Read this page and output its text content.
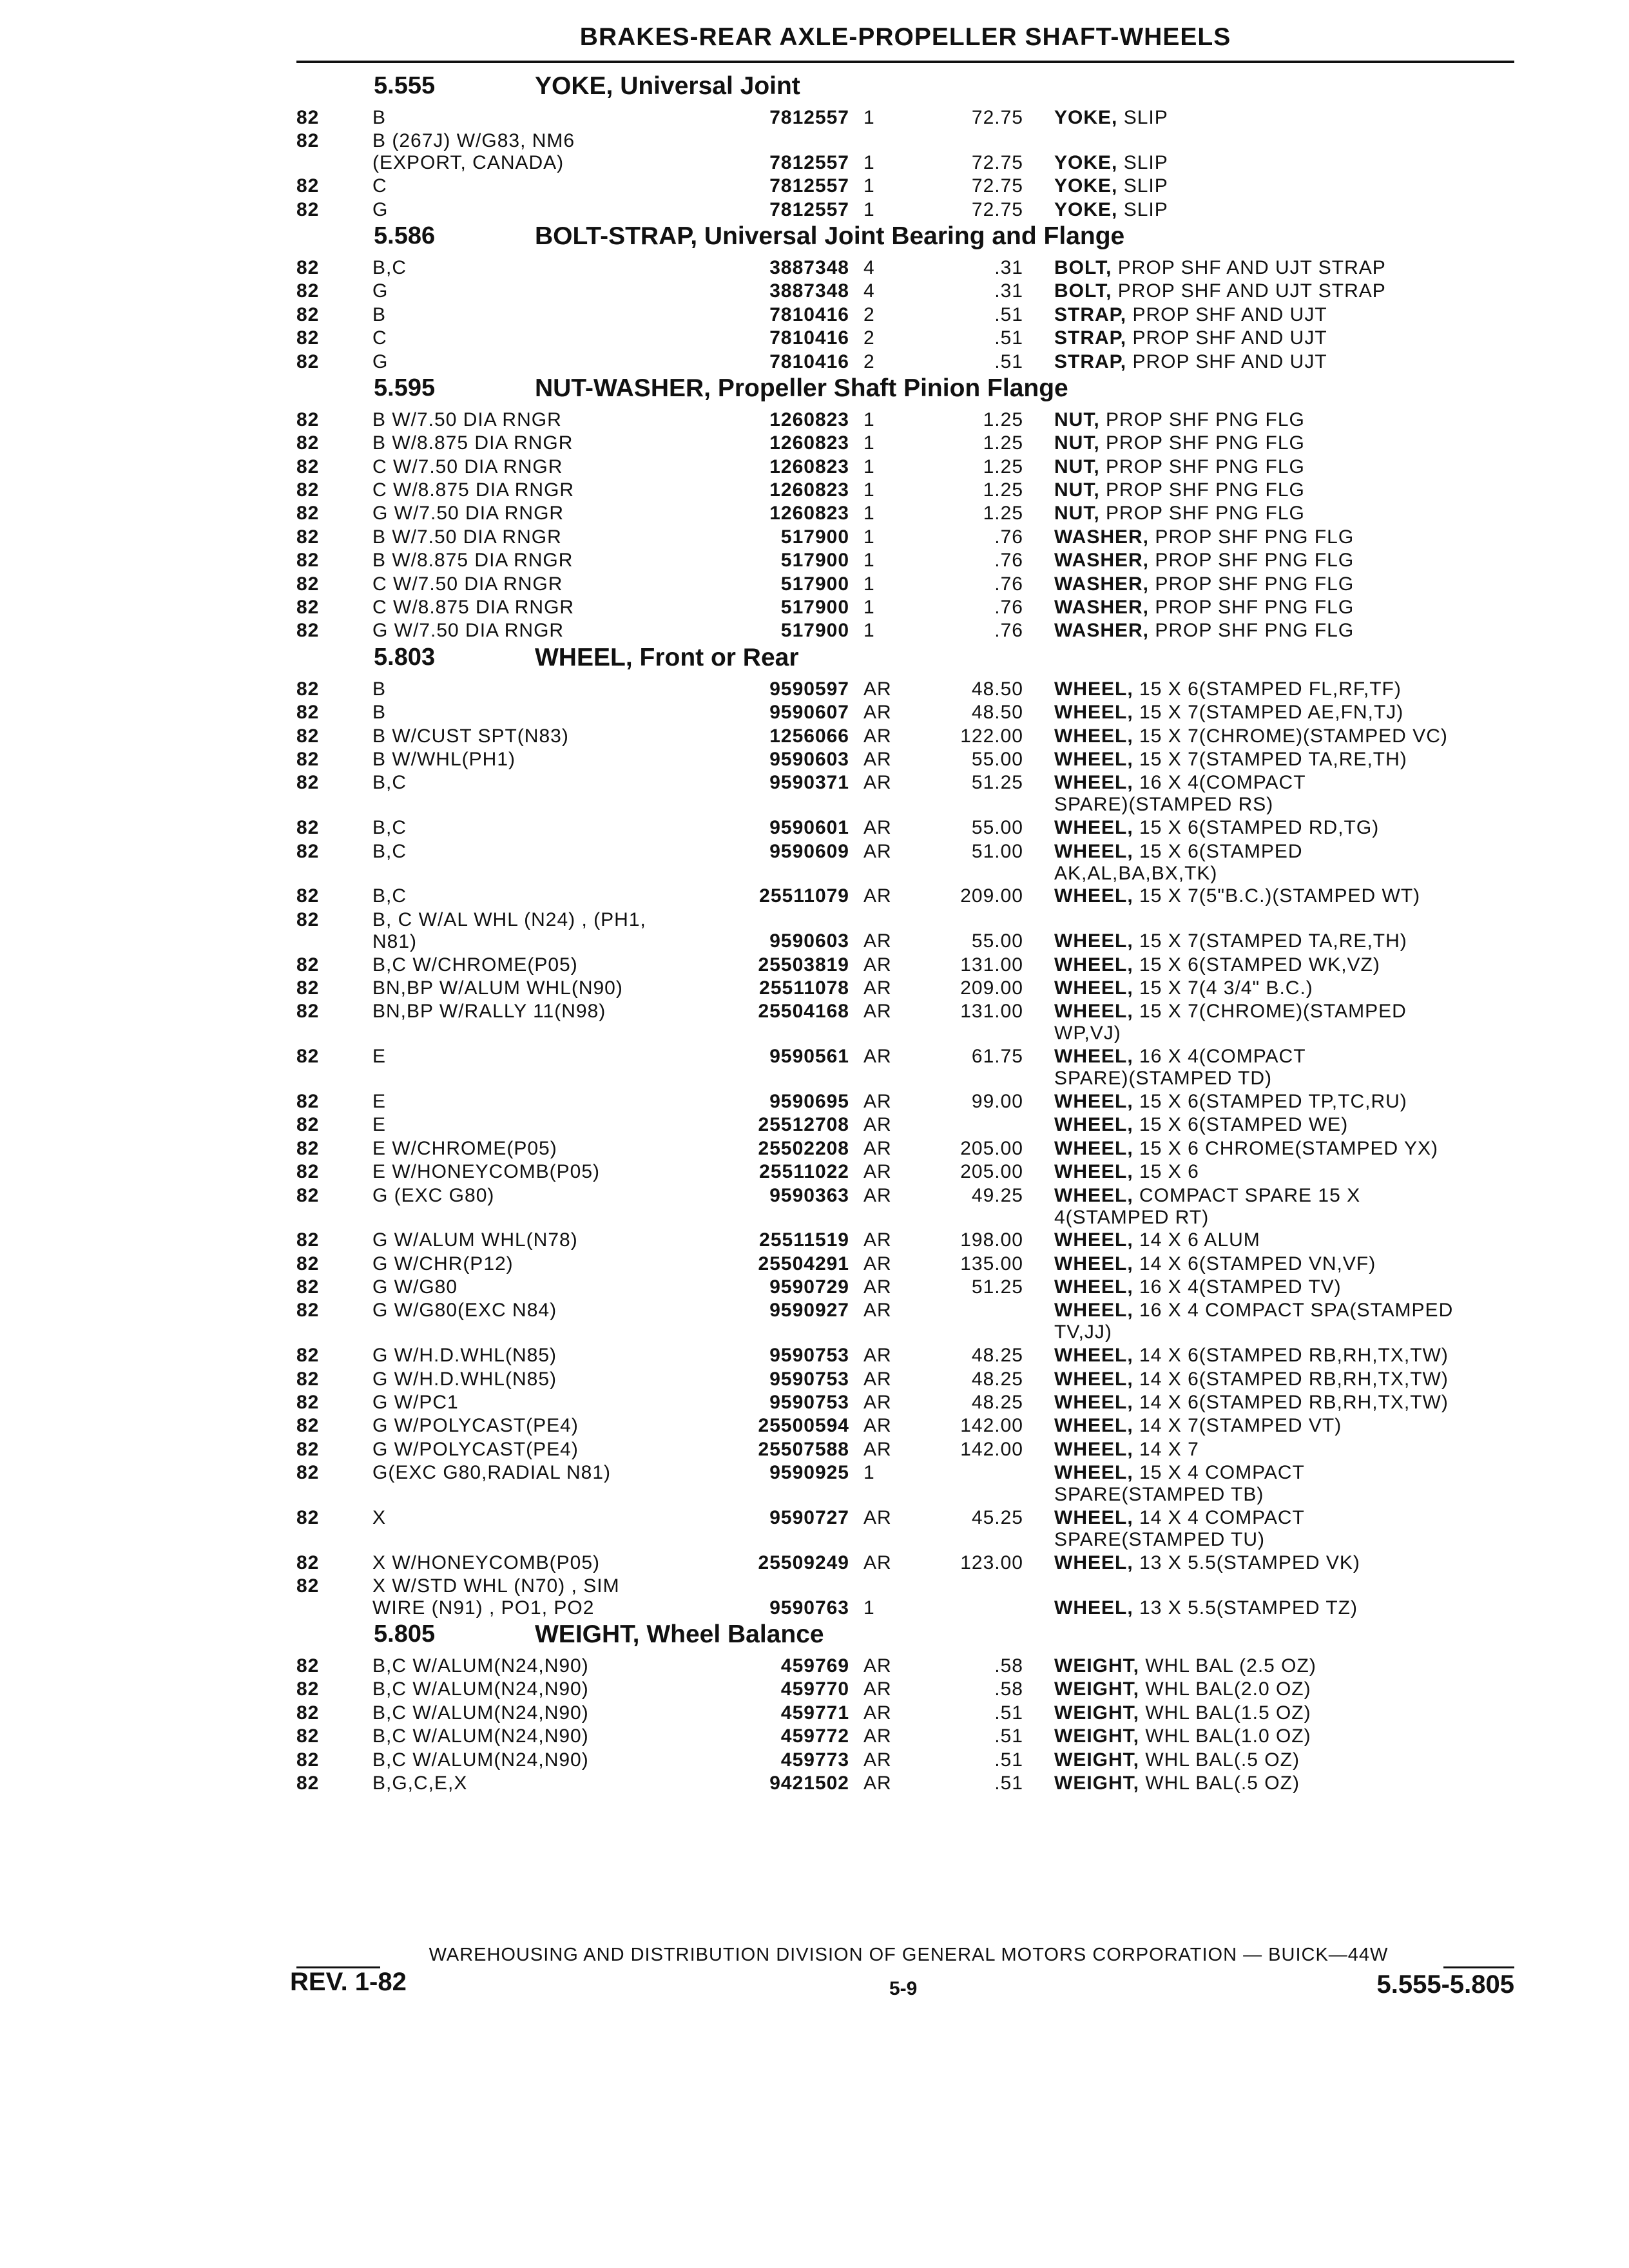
BRAKES-REAR AXLE-PROPELLER SHAFT-WHEELS
5.555	YOKE, Universal Joint
82	B	7812557 1	72.75 YOKE, SLIP
82	B (267J) W/G83, NM6
(EXPORT, CANADA)	7812557 1	72.75 YOKE, SLIP
82	C	7812557 1	72.75 YOKE, SLIP
82	G	7812557 1	72.75 YOKE, SLIP
5.586	BOLT-STRAP, Universal Joint Bearing and Flange
82	B,C	3887348 4	.31 BOLT, PROP SHF AND UJT STRAP
82	G	3887348 4	.31 BOLT, PROP SHF AND UJT STRAP
82	B	7810416 2	.51 STRAP, PROP SHF AND UJT
82	C	7810416 2	.51 STRAP, PROP SHF AND UJT
82	G	7810416 2	.51 STRAP, PROP SHF AND UJT
5.595	NUT-WASHER, Propeller Shaft Pinion Flange
82	B W/7.50 DIA RNGR	1260823 1	1.25 NUT, PROP SHF PNG FLG
82	B W/8.875 DIA RNGR	1260823 1	1.25 NUT, PROP SHF PNG FLG
82	C W/7.50 DIA RNGR	1260823 1	1.25 NUT, PROP SHF PNG FLG
82	C W/8.875 DIA RNGR	1260823 1	1.25 NUT, PROP SHF PNG FLG
82	G W/7.50 DIA RNGR	1260823 1	1.25 NUT, PROP SHF PNG FLG
82	B W/7.50 DIA RNGR	517900 1	.76 WASHER, PROP SHF PNG FLG
82	B W/8.875 DIA RNGR	517900 1	.76 WASHER, PROP SHF PNG FLG
82	C W/7.50 DIA RNGR	517900 1	.76 WASHER, PROP SHF PNG FLG
82	C W/8.875 DIA RNGR	517900 1	.76 WASHER, PROP SHF PNG FLG
82	G W/7.50 DIA RNGR	517900 1	.76 WASHER, PROP SHF PNG FLG
5.803	WHEEL, Front or Rear
82	B	9590597 AR	48.50 WHEEL, 15 X 6(STAMPED FL,RF,TF)
82	B	9590607 AR	48.50 WHEEL, 15 X 7(STAMPED AE,FN,TJ)
82	B W/CUST SPT(N83)	1256066 AR	122.00 WHEEL, 15 X 7(CHROME)(STAMPED VC)
82	B W/WHL(PH1)	9590603 AR	55.00 WHEEL, 15 X 7(STAMPED TA,RE,TH)
82	B,C	9590371 AR	51.25 WHEEL, 16 X 4(COMPACT
SPARE)(STAMPED RS)
82	B,C	9590601 AR	55.00 WHEEL, 15 X 6(STAMPED RD,TG)
82	B,C	9590609 AR	51.00 WHEEL, 15 X 6(STAMPED
AK,AL,BA,BX,TK)
82	B,C	25511079 AR	209.00 WHEEL, 15 X 7(5"B.C.)(STAMPED WT)
82	B, C W/AL WHL (N24) , (PH1,
N81)	9590603 AR	55.00 WHEEL, 15 X 7(STAMPED TA,RE,TH)
82	B,C W/CHROME(P05)	25503819 AR	131.00 WHEEL, 15 X 6(STAMPED WK,VZ)
82	BN,BP W/ALUM WHL(N90)	25511078 AR	209.00 WHEEL, 15 X 7(4 3/4" B.C.)
82	BN,BP W/RALLY 11(N98)	25504168 AR	131.00 WHEEL, 15 X 7(CHROME)(STAMPED
WP,VJ)
82	E	9590561 AR	61.75 WHEEL, 16 X 4(COMPACT
SPARE)(STAMPED TD)
82	E	9590695 AR	99.00 WHEEL, 15 X 6(STAMPED TP,TC,RU)
82	E	25512708 AR	WHEEL, 15 X 6(STAMPED WE)
82	E W/CHROME(P05)	25502208 AR	205.00 WHEEL, 15 X 6 CHROME(STAMPED YX)
82	E W/HONEYCOMB(P05)	25511022 AR	205.00 WHEEL, 15 X 6
82	G (EXC G80)	9590363 AR	49.25 WHEEL, COMPACT SPARE 15 X
4(STAMPED RT)
82	G W/ALUM WHL(N78)	25511519 AR	198.00 WHEEL, 14 X 6 ALUM
82	G W/CHR(P12)	25504291 AR	135.00 WHEEL, 14 X 6(STAMPED VN,VF)
82	G W/G80	9590729 AR	51.25 WHEEL, 16 X 4(STAMPED TV)
82	G W/G80(EXC N84)	9590927 AR	WHEEL, 16 X 4 COMPACT SPA(STAMPED
TV,JJ)
82	G W/H.D.WHL(N85)	9590753 AR	48.25 WHEEL, 14 X 6(STAMPED RB,RH,TX,TW)
82	G W/H.D.WHL(N85)	9590753 AR	48.25 WHEEL, 14 X 6(STAMPED RB,RH,TX,TW)
82	G W/PC1	9590753 AR	48.25 WHEEL, 14 X 6(STAMPED RB,RH,TX,TW)
82	G W/POLYCAST(PE4)	25500594 AR	142.00 WHEEL, 14 X 7(STAMPED VT)
82	G W/POLYCAST(PE4)	25507588 AR	142.00 WHEEL, 14 X 7
82	G(EXC G80,RADIAL N81)	9590925 1	WHEEL, 15 X 4 COMPACT
SPARE(STAMPED TB)
82	X	9590727 AR	45.25 WHEEL, 14 X 4 COMPACT
SPARE(STAMPED TU)
82	X W/HONEYCOMB(P05)	25509249 AR	123.00 WHEEL, 13 X 5.5(STAMPED VK)
82	X W/STD WHL (N70) , SIM
WIRE (N91) , PO1, PO2	9590763 1	WHEEL, 13 X 5.5(STAMPED TZ)
5.805	WEIGHT, Wheel Balance
82	B,C W/ALUM(N24,N90)	459769 AR	.58 WEIGHT, WHL BAL (2.5 OZ)
82	B,C W/ALUM(N24,N90)	459770 AR	.58 WEIGHT, WHL BAL(2.0 OZ)
82	B,C W/ALUM(N24,N90)	459771 AR	.51 WEIGHT, WHL BAL(1.5 OZ)
82	B,C W/ALUM(N24,N90)	459772 AR	.51 WEIGHT, WHL BAL(1.0 OZ)
82	B,C W/ALUM(N24,N90)	459773 AR	.51 WEIGHT, WHL BAL(.5 OZ)
82	B,G,C,E,X	9421502 AR	.51 WEIGHT, WHL BAL(.5 OZ)
WAREHOUSING AND DISTRIBUTION DIVISION OF GENERAL MOTORS CORPORATION — BUICK—44W
REV. 1-82	5-9	5.555-5.805
